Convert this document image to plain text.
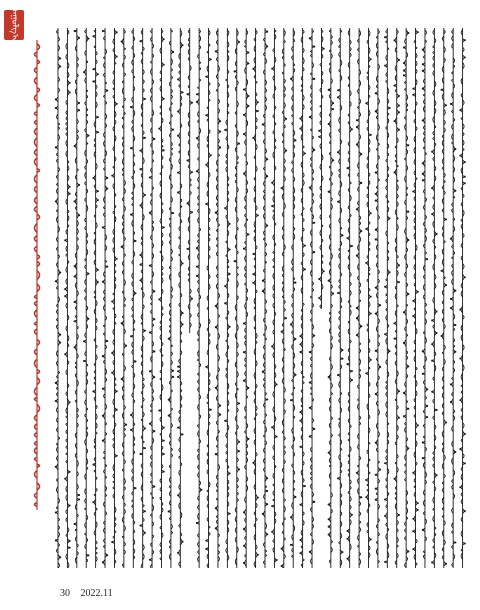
ᠠᠭᠤᠯᠭ᠎ᠠ
30 2022.11
